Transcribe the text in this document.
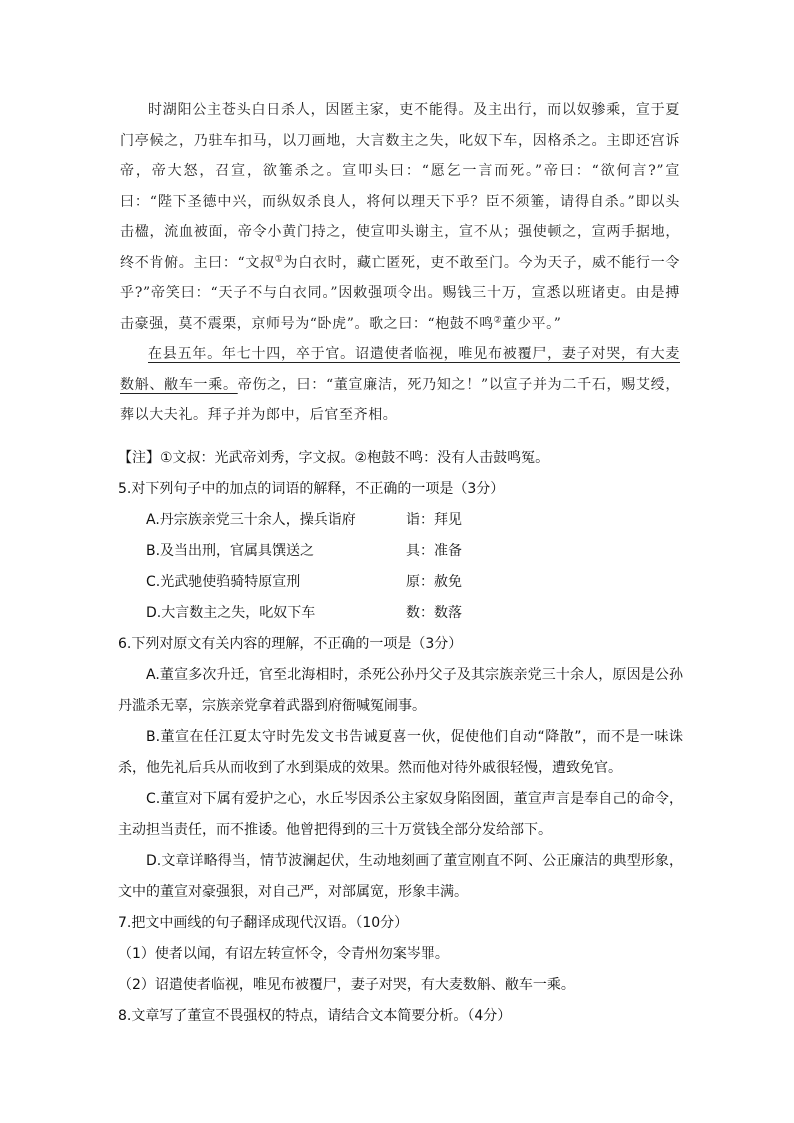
时湖阳公主苍头白日杀人，因匿主家，吏不能得。及主出行，而以奴骖乘，宣于夏门亭候之，乃驻车扣马，以刀画地，大言数主之失，叱奴下车，因格杀之。主即还宫诉帝，帝大怒，召宣，欲箠杀之。宣叩头曰：“愿乞一言而死。”帝曰：“欲何言?”宣曰：“陛下圣德中兴，而纵奴杀良人，将何以理天下乎？臣不须箠，请得自杀。”即以头击楹，流血被面，帝令小黄门持之，使宣叩头谢主，宣不从；强使顿之，宣两手据地，终不肯俯。主曰：“文叔①为白衣时，藏亡匿死，吏不敢至门。今为天子，威不能行一令乎?”帝笑曰：“天子不与白衣同。”因敕强项令出。赐钱三十万，宣悉以班诸吏。由是搏击豪强，莫不震栗，京师号为“卧虎”。歌之曰：“枹鼓不鸣②董少平。”

在县五年。年七十四，卒于官。诏遣使者临视，唯见布被覆尸，妻子对哭，有大麦数斛、敝车一乘。帝伤之，曰：“董宣廉洁，死乃知之！”以宣子并为二千石，赐艾绶，葬以大夫礼。拜子并为郎中，后官至齐相。

【注】①文叔：光武帝刘秀，字文叔。②枹鼓不鸣：没有人击鼓鸣冤。
5.对下列句子中的加点的词语的解释，不正确的一项是（3分）
A.丹宗族亲党三十余人，操兵诣府	诣：拜见
B.及当出刑，官属具馔送之	具：准备
C.光武驰使驺骑特原宣刑	原：赦免
D.大言数主之失，叱奴下车	数：数落
6.下列对原文有关内容的理解，不正确的一项是（3分）
A.董宣多次升迁，官至北海相时，杀死公孙丹父子及其宗族亲党三十余人，原因是公孙丹滥杀无辜，宗族亲党拿着武器到府衙喊冤闹事。
B.董宣在任江夏太守时先发文书告诫夏喜一伙，促使他们自动“降散”，而不是一味诛杀，他先礼后兵从而收到了水到渠成的效果。然而他对待外戚很轻慢，遭致免官。
C.董宣对下属有爱护之心，水丘岑因杀公主家奴身陷囹圄，董宣声言是奉自己的命令，主动担当责任，而不推诿。他曾把得到的三十万赏钱全部分发给部下。
D.文章详略得当，情节波澜起伏，生动地刻画了董宣刚直不阿、公正廉洁的典型形象，文中的董宣对豪强狠，对自己严，对部属宽，形象丰满。
7.把文中画线的句子翻译成现代汉语。（10分）
（1）使者以闻，有诏左转宣怀令，令青州勿案岑罪。
（2）诏遣使者临视，唯见布被覆尸，妻子对哭，有大麦数斛、敝车一乘。
8.文章写了董宣不畏强权的特点，请结合文本简要分析。（4分）
